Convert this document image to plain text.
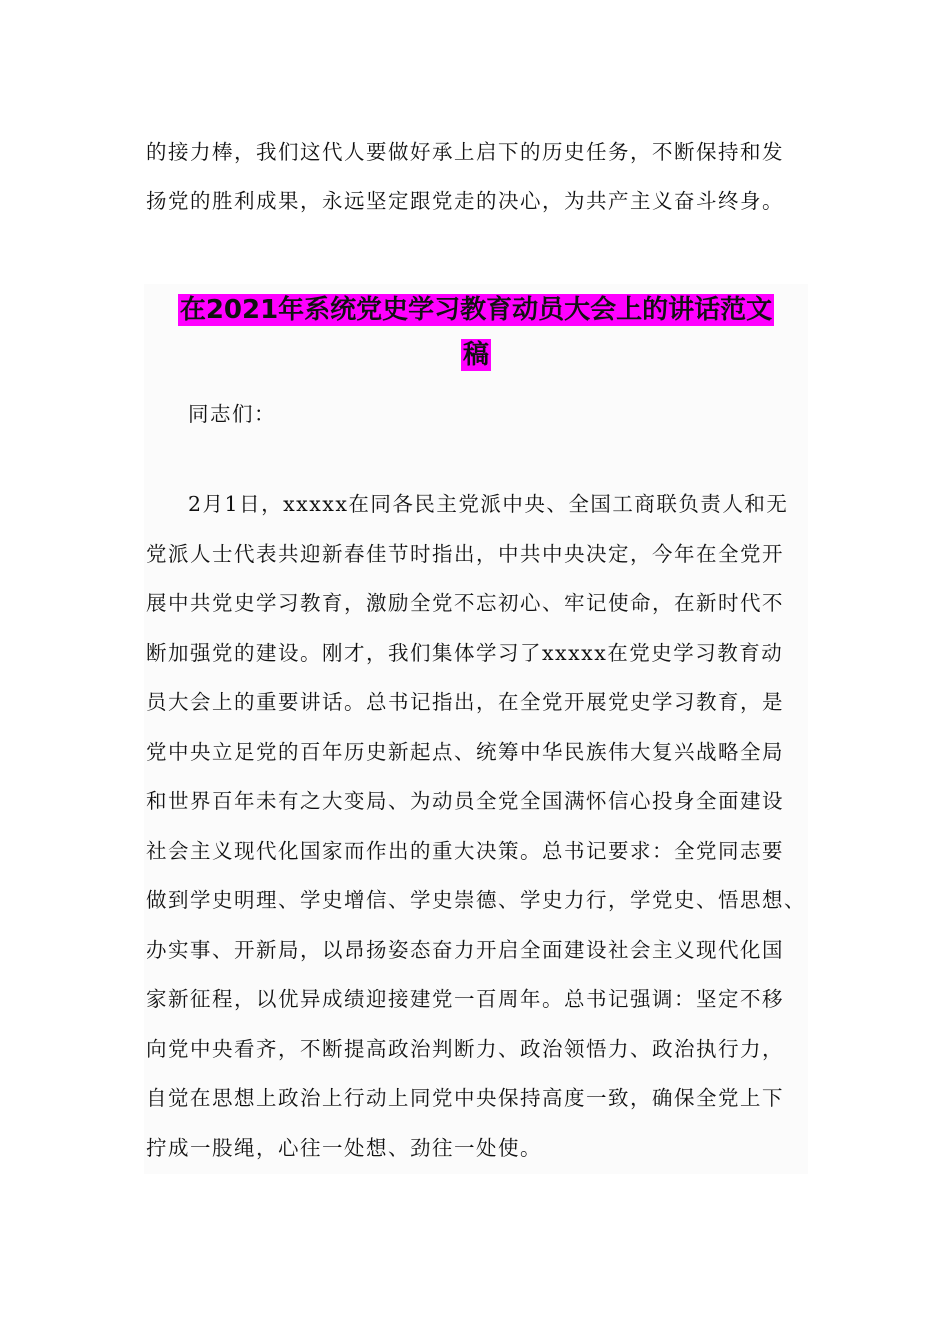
的接力棒，我们这代人要做好承上启下的历史任务，不断保持和发
扬党的胜利成果，永远坚定跟党走的决心，为共产主义奋斗终身。
在2021年系统党史学习教育动员大会上的讲话范文
稿
同志们：
2月1日，xxxxx在同各民主党派中央、全国工商联负责人和无
党派人士代表共迎新春佳节时指出，中共中央决定，今年在全党开
展中共党史学习教育，激励全党不忘初心、牢记使命，在新时代不
断加强党的建设。刚才，我们集体学习了xxxxx在党史学习教育动
员大会上的重要讲话。总书记指出，在全党开展党史学习教育，是
党中央立足党的百年历史新起点、统筹中华民族伟大复兴战略全局
和世界百年未有之大变局、为动员全党全国满怀信心投身全面建设
社会主义现代化国家而作出的重大决策。总书记要求：全党同志要
做到学史明理、学史增信、学史崇德、学史力行，学党史、悟思想、
办实事、开新局，以昂扬姿态奋力开启全面建设社会主义现代化国
家新征程，以优异成绩迎接建党一百周年。总书记强调：坚定不移
向党中央看齐，不断提高政治判断力、政治领悟力、政治执行力，
自觉在思想上政治上行动上同党中央保持高度一致，确保全党上下
拧成一股绳，心往一处想、劲往一处使。
